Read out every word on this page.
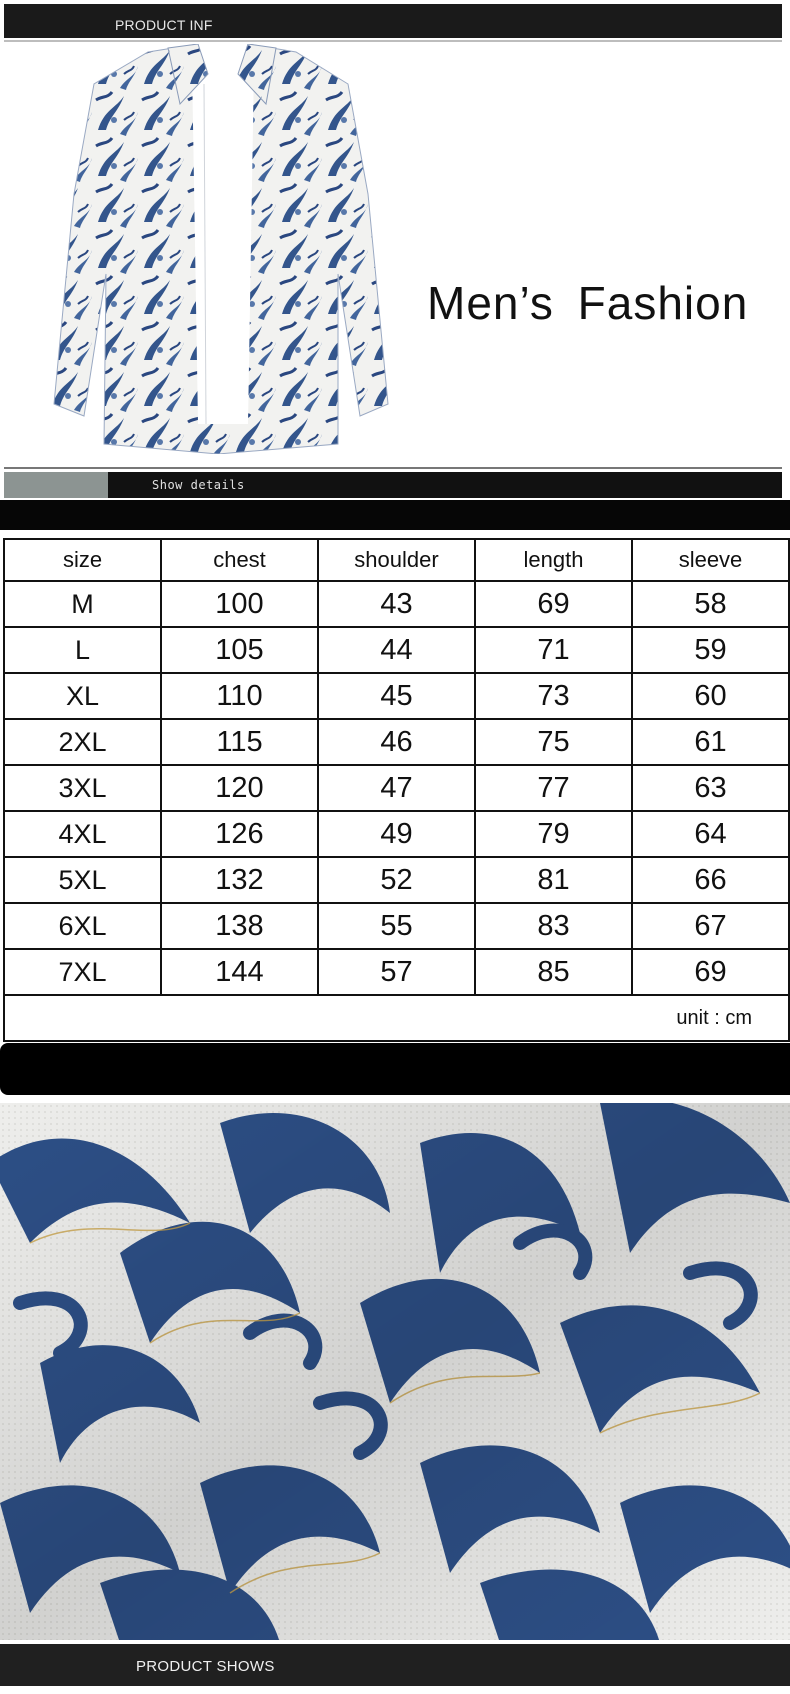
PRODUCT INF
Men’s Fashion
Show details
size	chest	shoulder	length	sleeve
M	100	43	69	58
L	105	44	71	59
XL	110	45	73	60
2XL	115	46	75	61
3XL	120	47	77	63
4XL	126	49	79	64
5XL	132	52	81	66
6XL	138	55	83	67
7XL	144	57	85	69
unit : cm				
PRODUCT SHOWS
